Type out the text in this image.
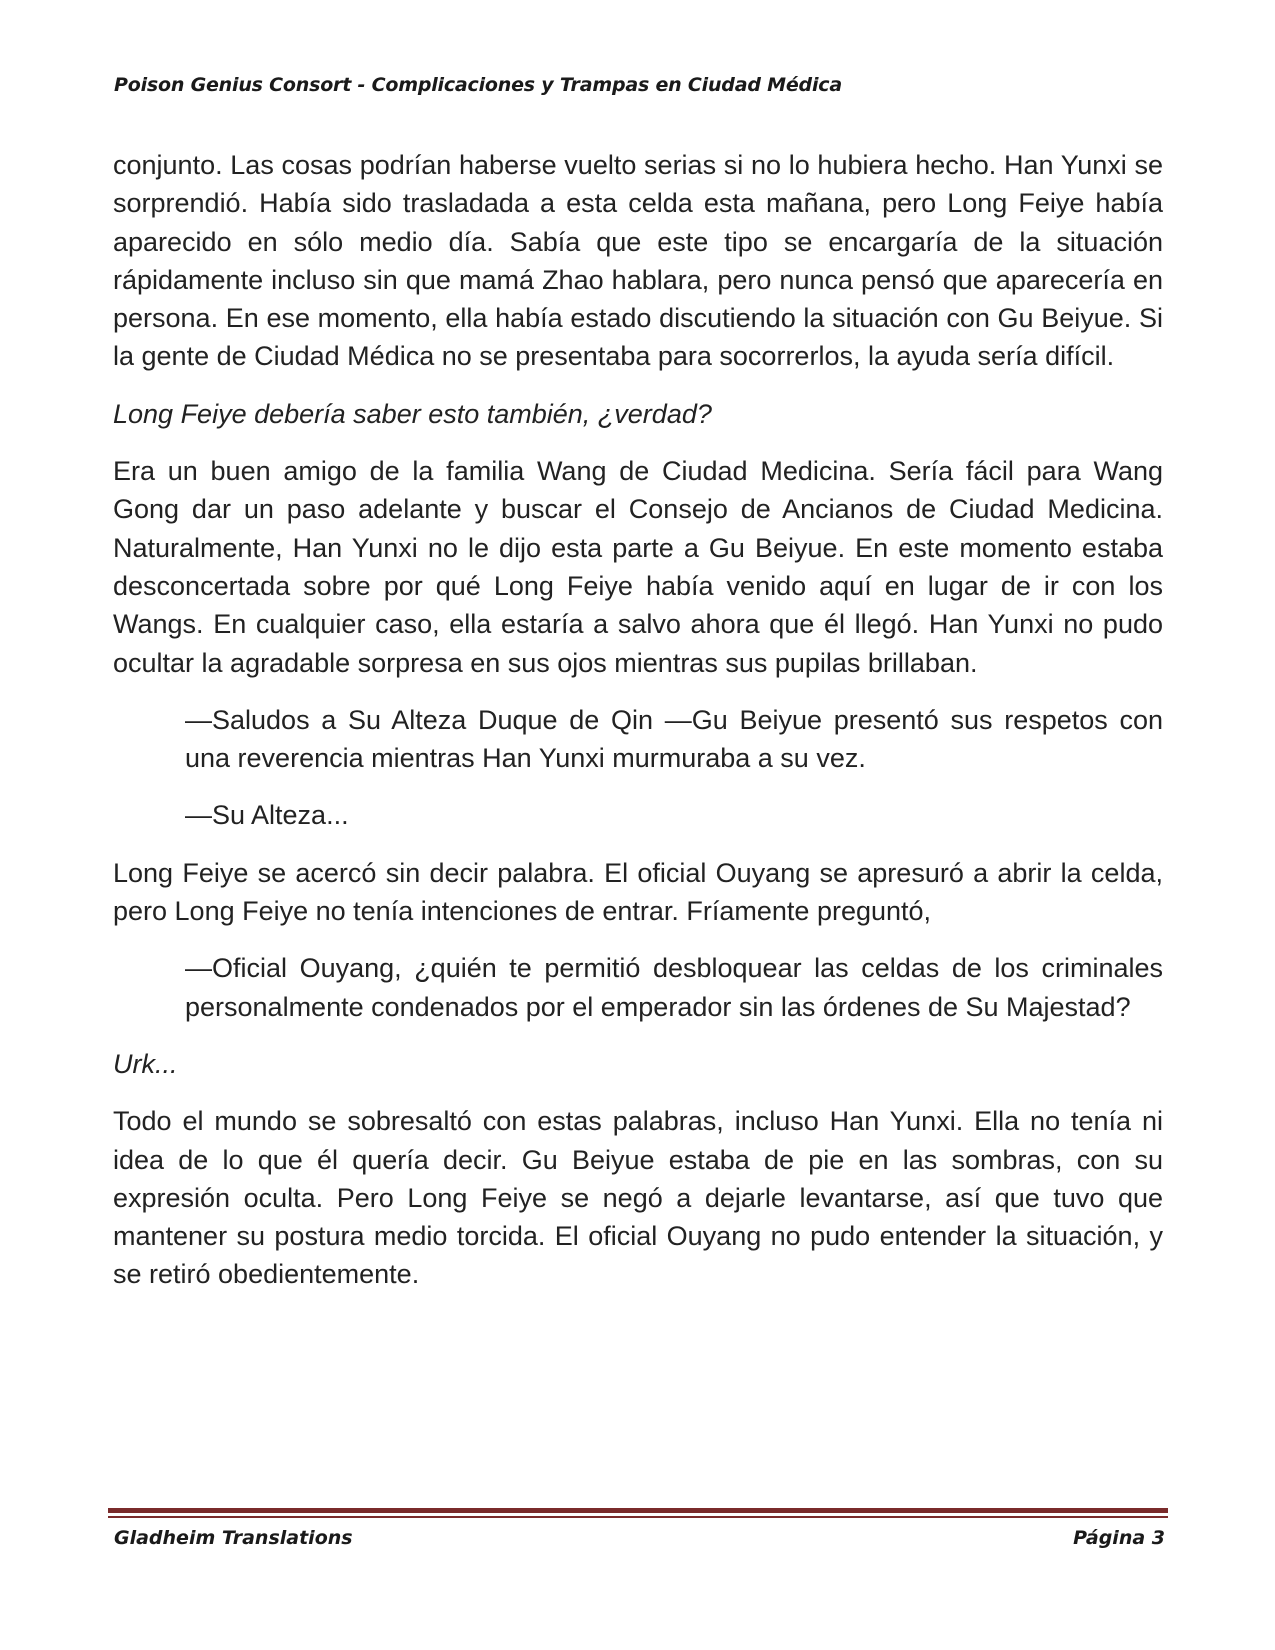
Poison Genius Consort - Complicaciones y Trampas en Ciudad Médica

conjunto. Las cosas podrían haberse vuelto serias si no lo hubiera hecho. Han Yunxi se sorprendió. Había sido trasladada a esta celda esta mañana, pero Long Feiye había aparecido en sólo medio día. Sabía que este tipo se encargaría de la situación rápidamente incluso sin que mamá Zhao hablara, pero nunca pensó que aparecería en persona. En ese momento, ella había estado discutiendo la situación con Gu Beiyue. Si la gente de Ciudad Médica no se presentaba para socorrerlos, la ayuda sería difícil.

Long Feiye debería saber esto también, ¿verdad?

Era un buen amigo de la familia Wang de Ciudad Medicina. Sería fácil para Wang Gong dar un paso adelante y buscar el Consejo de Ancianos de Ciudad Medicina. Naturalmente, Han Yunxi no le dijo esta parte a Gu Beiyue. En este momento estaba desconcertada sobre por qué Long Feiye había venido aquí en lugar de ir con los Wangs. En cualquier caso, ella estaría a salvo ahora que él llegó. Han Yunxi no pudo ocultar la agradable sorpresa en sus ojos mientras sus pupilas brillaban.

—Saludos a Su Alteza Duque de Qin —Gu Beiyue presentó sus respetos con una reverencia mientras Han Yunxi murmuraba a su vez.

—Su Alteza...

Long Feiye se acercó sin decir palabra. El oficial Ouyang se apresuró a abrir la celda, pero Long Feiye no tenía intenciones de entrar. Fríamente preguntó,

—Oficial Ouyang, ¿quién te permitió desbloquear las celdas de los criminales personalmente condenados por el emperador sin las órdenes de Su Majestad?

Urk...

Todo el mundo se sobresaltó con estas palabras, incluso Han Yunxi. Ella no tenía ni idea de lo que él quería decir. Gu Beiyue estaba de pie en las sombras, con su expresión oculta. Pero Long Feiye se negó a dejarle levantarse, así que tuvo que mantener su postura medio torcida. El oficial Ouyang no pudo entender la situación, y se retiró obedientemente.

Gladheim Translations	Página 3
